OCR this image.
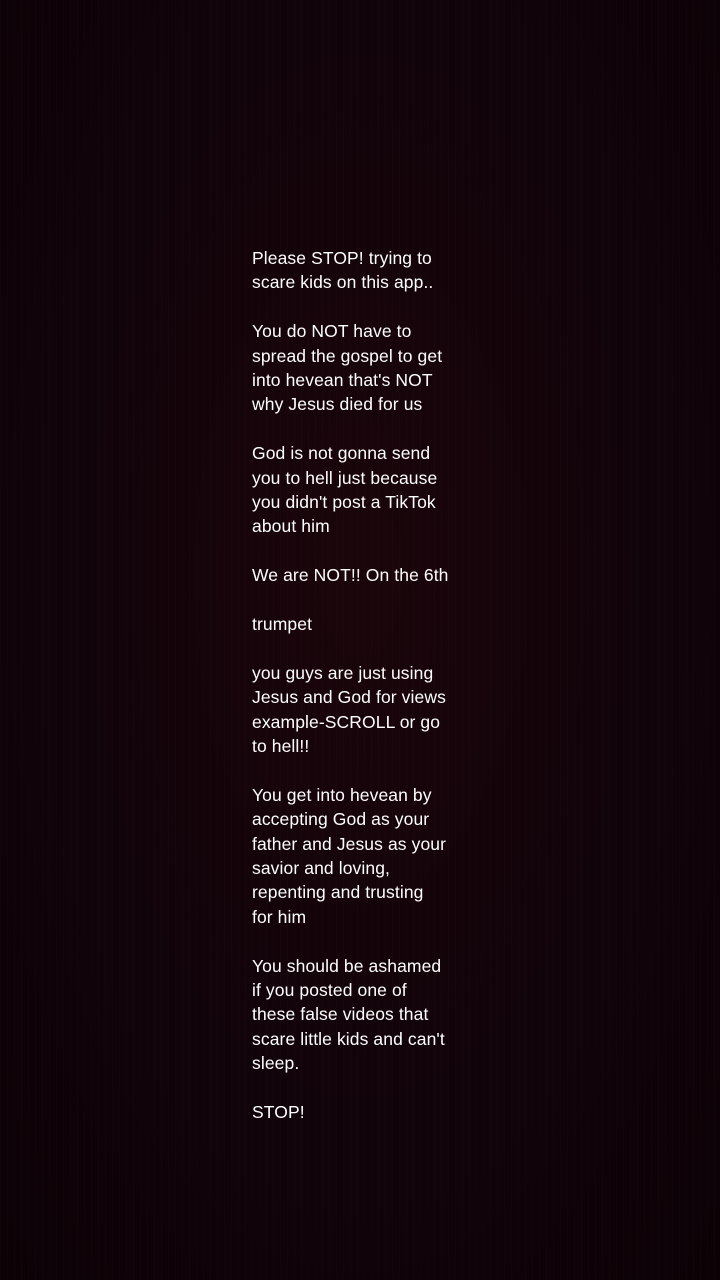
Please STOP! trying to
scare kids on this app..

You do NOT have to
spread the gospel to get
into hevean that's NOT
why Jesus died for us

God is not gonna send
you to hell just because
you didn't post a TikTok
about him

We are NOT!! On the 6th

trumpet

you guys are just using
Jesus and God for views
example-SCROLL or go
to hell!!

You get into hevean by
accepting God as your
father and Jesus as your
savior and loving,
repenting and trusting
for him

You should be ashamed
if you posted one of
these false videos that
scare little kids and can't
sleep.

STOP!
